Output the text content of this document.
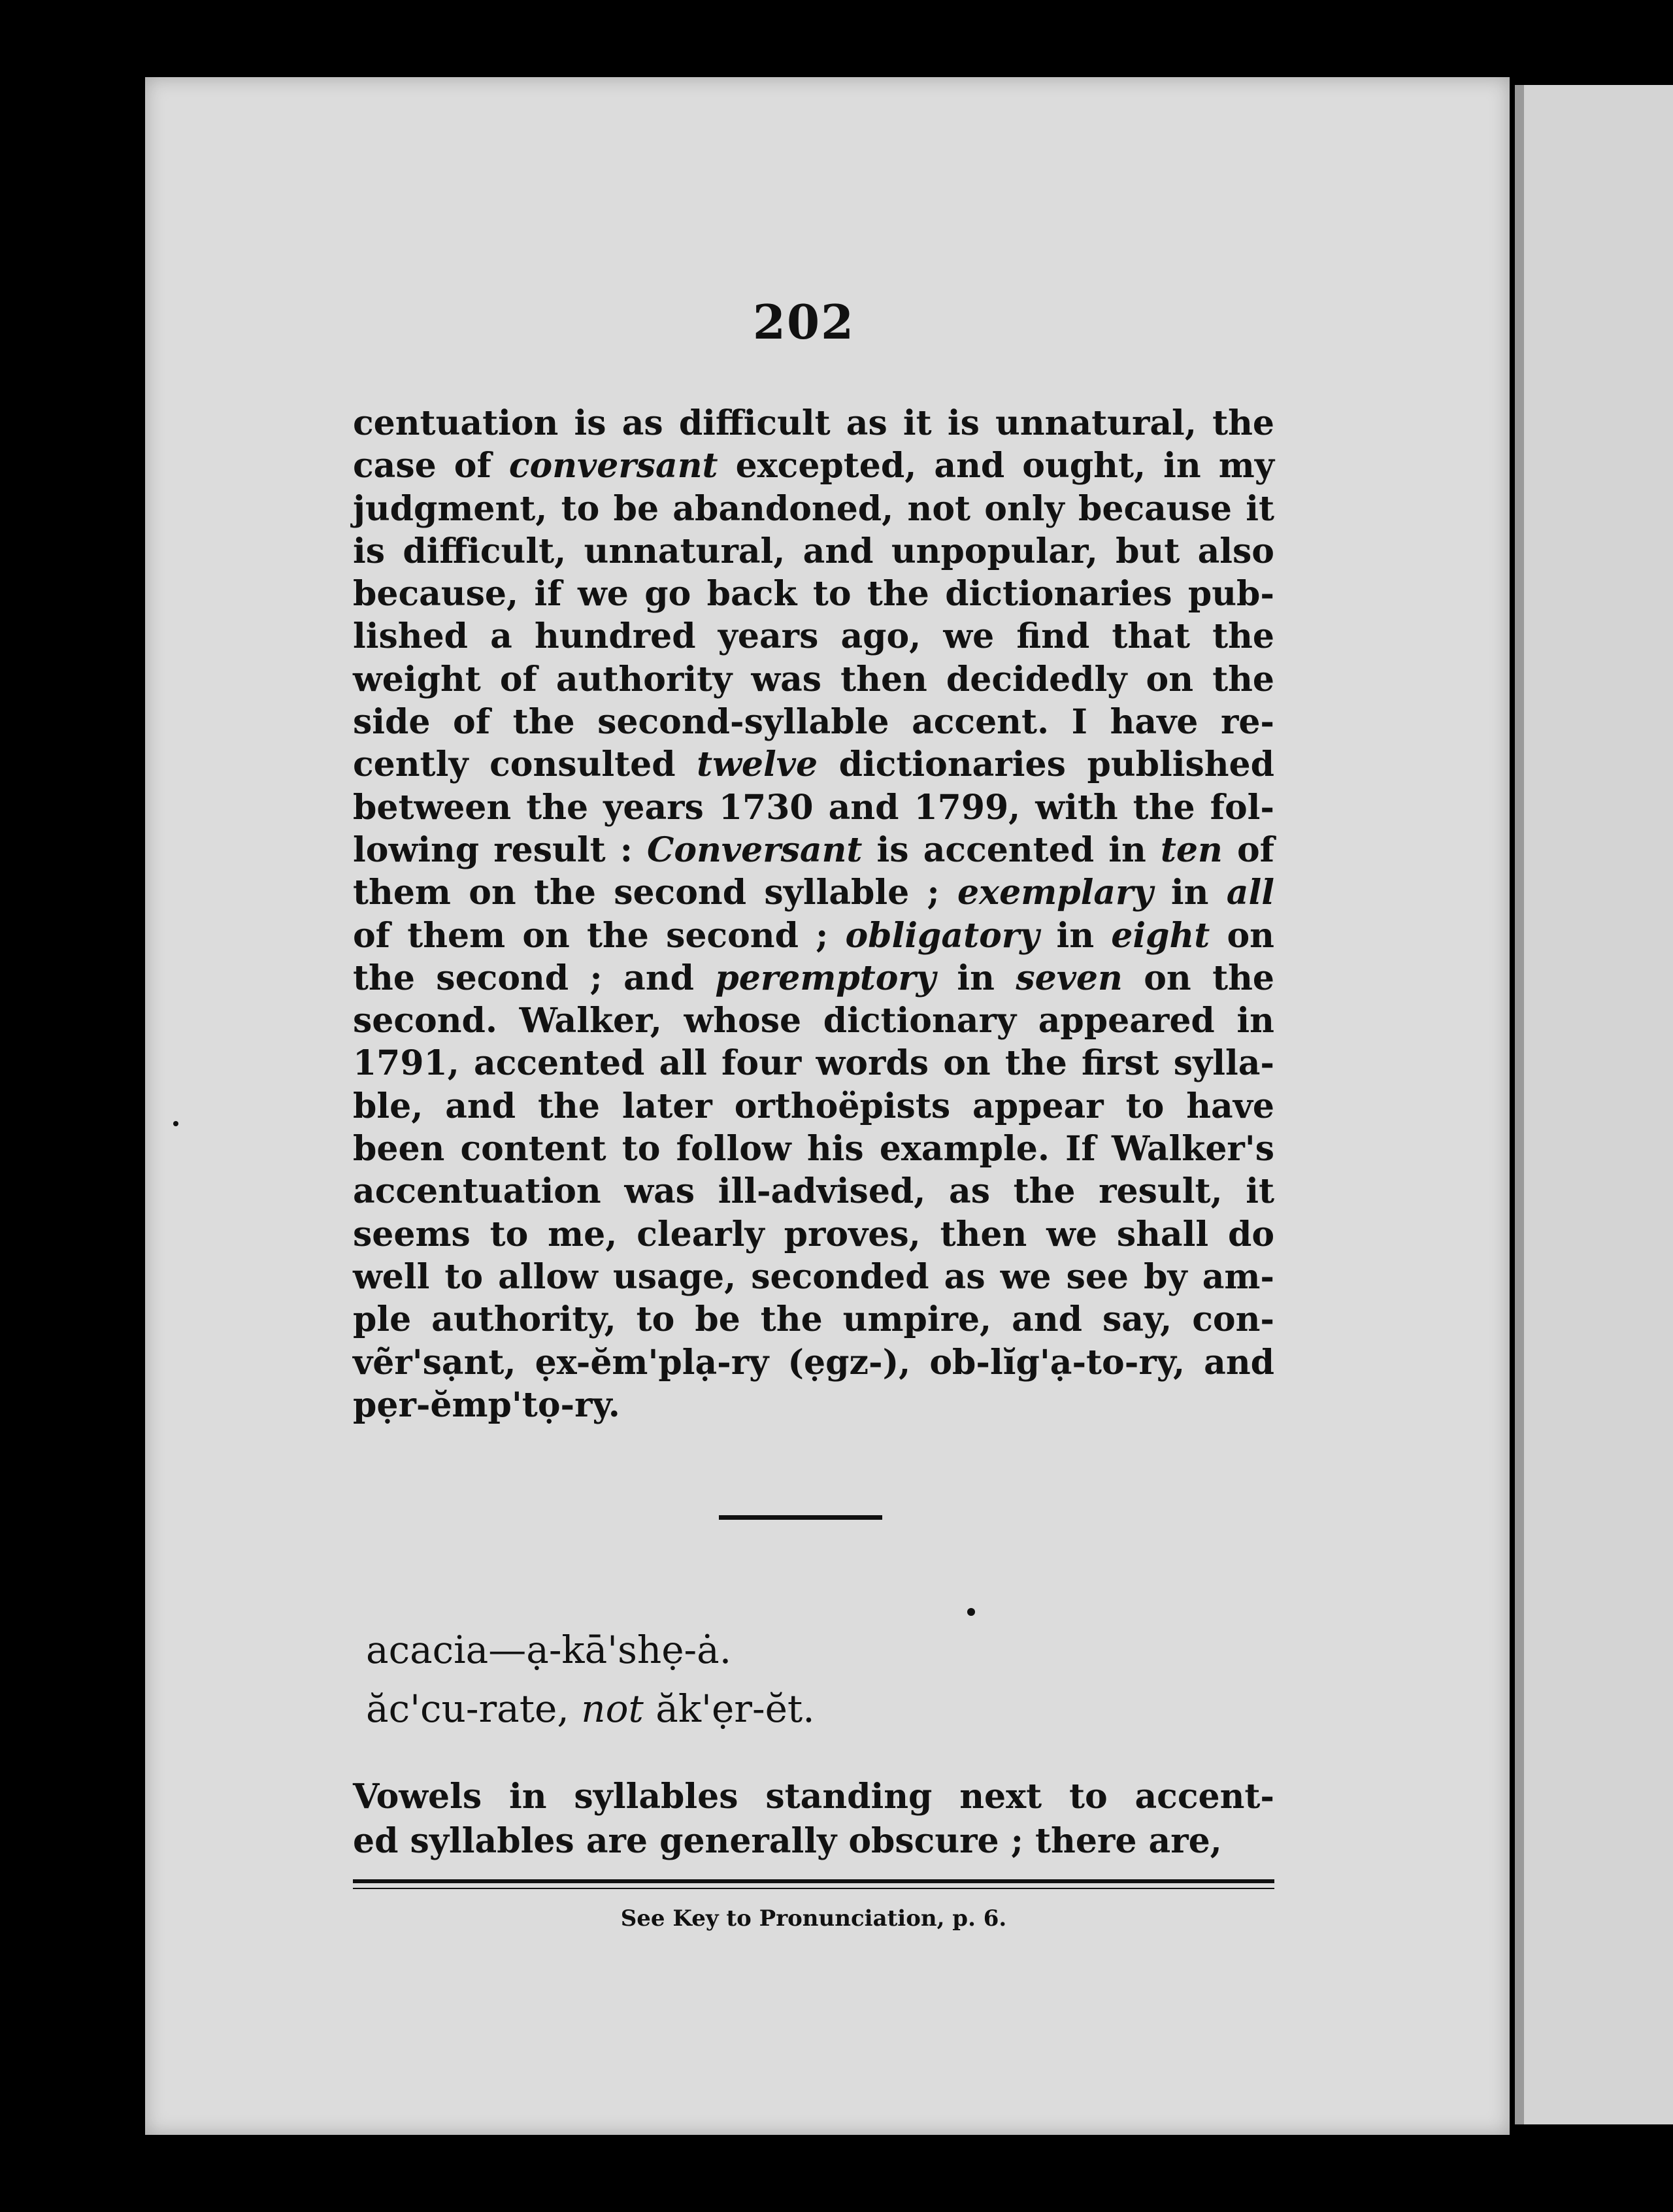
202
centuation is as difficult as it is unnatural, the
case of conversant excepted, and ought, in my
judgment, to be abandoned, not only because it
is difficult, unnatural, and unpopular, but also
because, if we go back to the dictionaries pub-
lished a hundred years ago, we find that the
weight of authority was then decidedly on the
side of the second-syllable accent. I have re-
cently consulted twelve dictionaries published
between the years 1730 and 1799, with the fol-
lowing result : Conversant is accented in ten of
them on the second syllable ; exemplary in all
of them on the second ; obligatory in eight on
the second ; and peremptory in seven on the
second. Walker, whose dictionary appeared in
1791, accented all four words on the first sylla-
ble, and the later orthoëpists appear to have
been content to follow his example. If Walker's
accentuation was ill-advised, as the result, it
seems to me, clearly proves, then we shall do
well to allow usage, seconded as we see by am-
ple authority, to be the umpire, and say, con-
vẽr'sạnt, ẹx-ĕm'plạ-ry (ẹgz-), ob-lĭg'ạ-to-ry, and
pẹr-ĕmp'tọ-ry.
acacia—ạ-kā'shẹ-ȧ.
ăc'cu-rate, not ăk'ẹr-ĕt.
Vowels in syllables standing next to accent-
ed syllables are generally obscure ; there are,
See Key to Pronunciation, p. 6.
